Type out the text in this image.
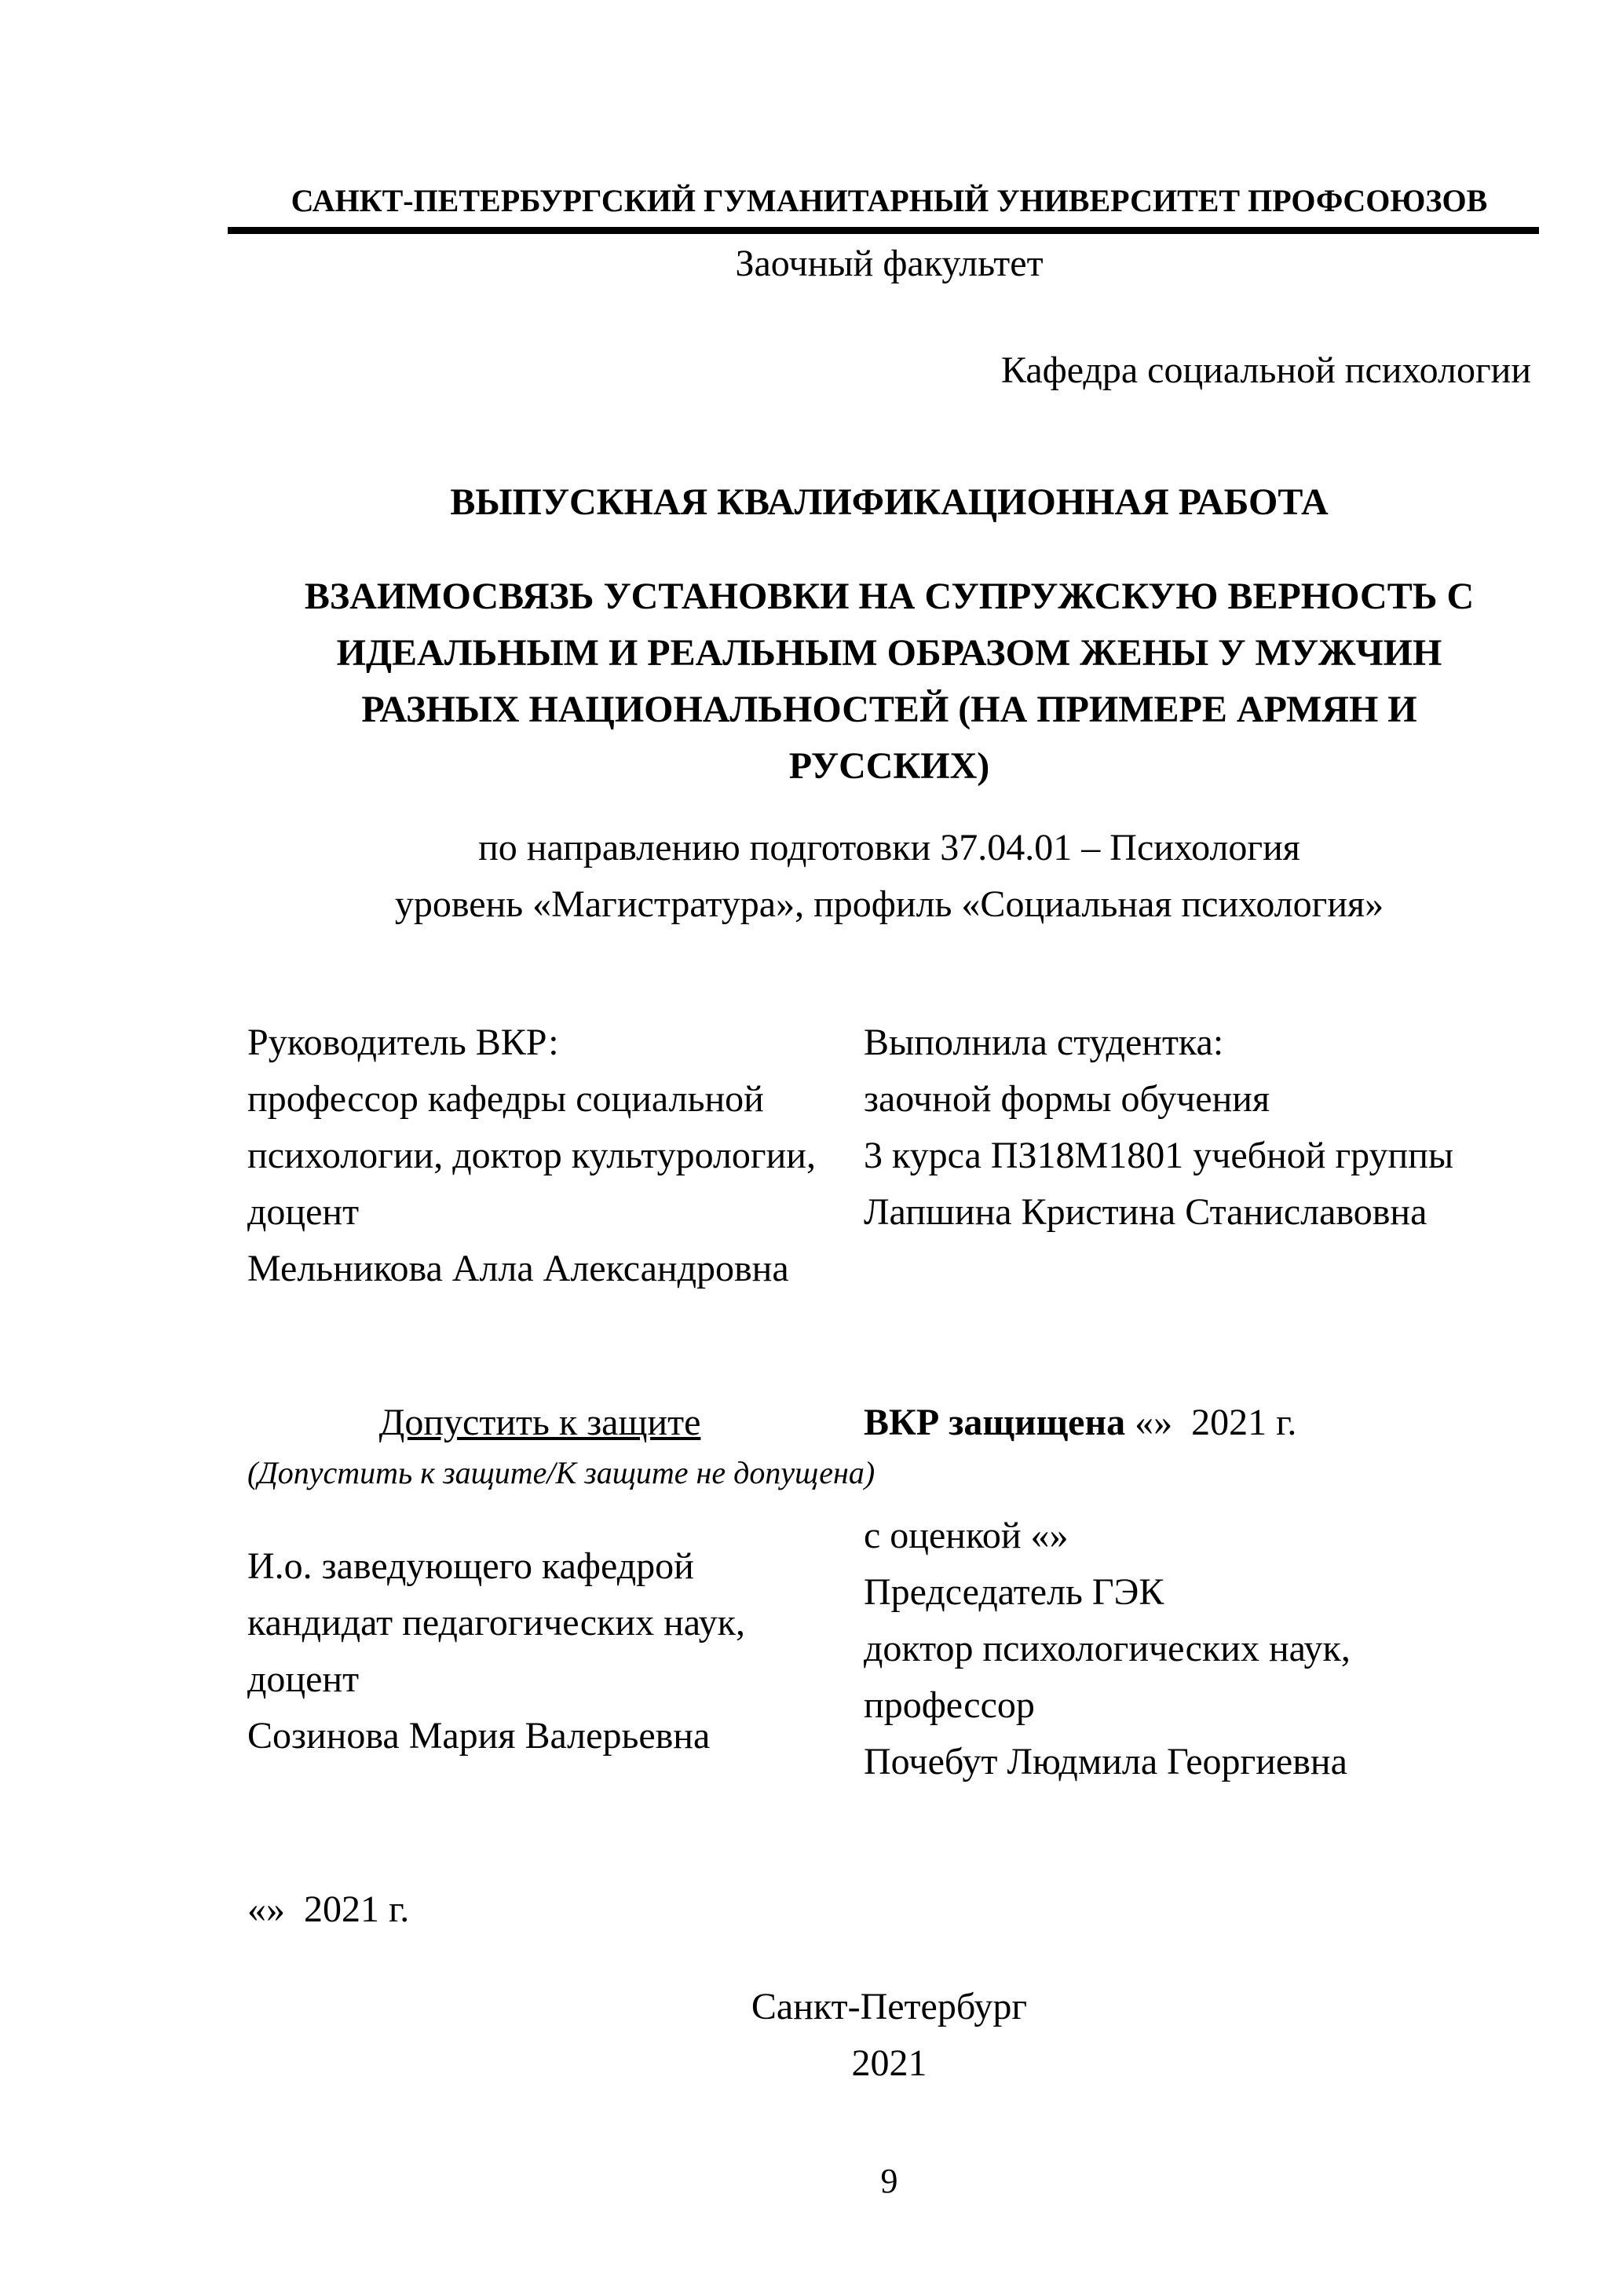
САНКТ-ПЕТЕРБУРГСКИЙ ГУМАНИТАРНЫЙ УНИВЕРСИТЕТ ПРОФСОЮЗОВ
Заочный факультет
Кафедра социальной психологии
ВЫПУСКНАЯ КВАЛИФИКАЦИОННАЯ РАБОТА
ВЗАИМОСВЯЗЬ УСТАНОВКИ НА СУПРУЖСКУЮ ВЕРНОСТЬ С
ИДЕАЛЬНЫМ И РЕАЛЬНЫМ ОБРАЗОМ ЖЕНЫ У МУЖЧИН
РАЗНЫХ НАЦИОНАЛЬНОСТЕЙ (НА ПРИМЕРЕ АРМЯН И
РУССКИХ)
по направлению подготовки 37.04.01 – Психология
уровень «Магистратура», профиль «Социальная психология»
Руководитель ВКР:
профессор кафедры социальной
психологии, доктор культурологии,
доцент
Мельникова Алла Александровна
Выполнила студентка:
заочной формы обучения
3 курса ПЗ18М1801 учебной группы
Лапшина Кристина Станиславовна
Допустить к защите
(Допустить к защите/К защите не допущена)
И.о. заведующего кафедрой
кандидат педагогических наук,
доцент
Созинова Мария Валерьевна
ВКР защищена «»  2021 г.
с оценкой «»
Председатель ГЭК
доктор психологических наук,
профессор
Почебут Людмила Георгиевна
«»  2021 г.
Санкт-Петербург
2021
9
